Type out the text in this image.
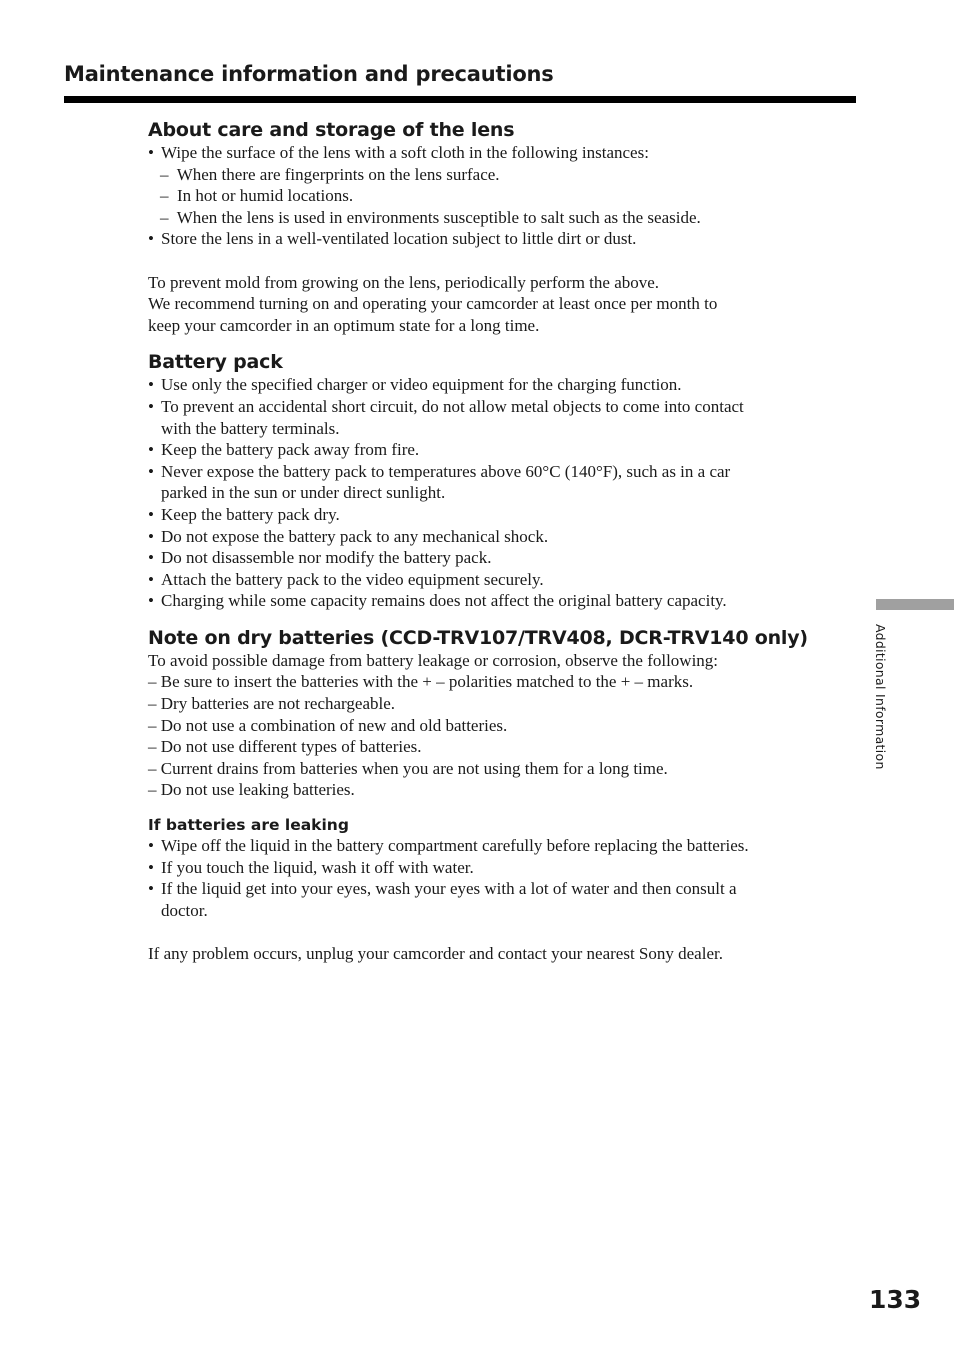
Maintenance information and precautions
About care and storage of the lens
• Wipe the surface of the lens with a soft cloth in the following instances:
– When there are fingerprints on the lens surface.
– In hot or humid locations.
– When the lens is used in environments susceptible to salt such as the seaside.
• Store the lens in a well-ventilated location subject to little dirt or dust.
To prevent mold from growing on the lens, periodically perform the above.
We recommend turning on and operating your camcorder at least once per month to
keep your camcorder in an optimum state for a long time.
Battery pack
• Use only the specified charger or video equipment for the charging function.
• To prevent an accidental short circuit, do not allow metal objects to come into contact
with the battery terminals.
• Keep the battery pack away from fire.
• Never expose the battery pack to temperatures above 60°C (140°F), such as in a car
parked in the sun or under direct sunlight.
• Keep the battery pack dry.
• Do not expose the battery pack to any mechanical shock.
• Do not disassemble nor modify the battery pack.
• Attach the battery pack to the video equipment securely.
• Charging while some capacity remains does not affect the original battery capacity.
Note on dry batteries (CCD-TRV107/TRV408, DCR-TRV140 only)
To avoid possible damage from battery leakage or corrosion, observe the following:
– Be sure to insert the batteries with the + – polarities matched to the + – marks.
– Dry batteries are not rechargeable.
– Do not use a combination of new and old batteries.
– Do not use different types of batteries.
– Current drains from batteries when you are not using them for a long time.
– Do not use leaking batteries.
If batteries are leaking
• Wipe off the liquid in the battery compartment carefully before replacing the batteries.
• If you touch the liquid, wash it off with water.
• If the liquid get into your eyes, wash your eyes with a lot of water and then consult a
doctor.
If any problem occurs, unplug your camcorder and contact your nearest Sony dealer.
Additional Information
133
